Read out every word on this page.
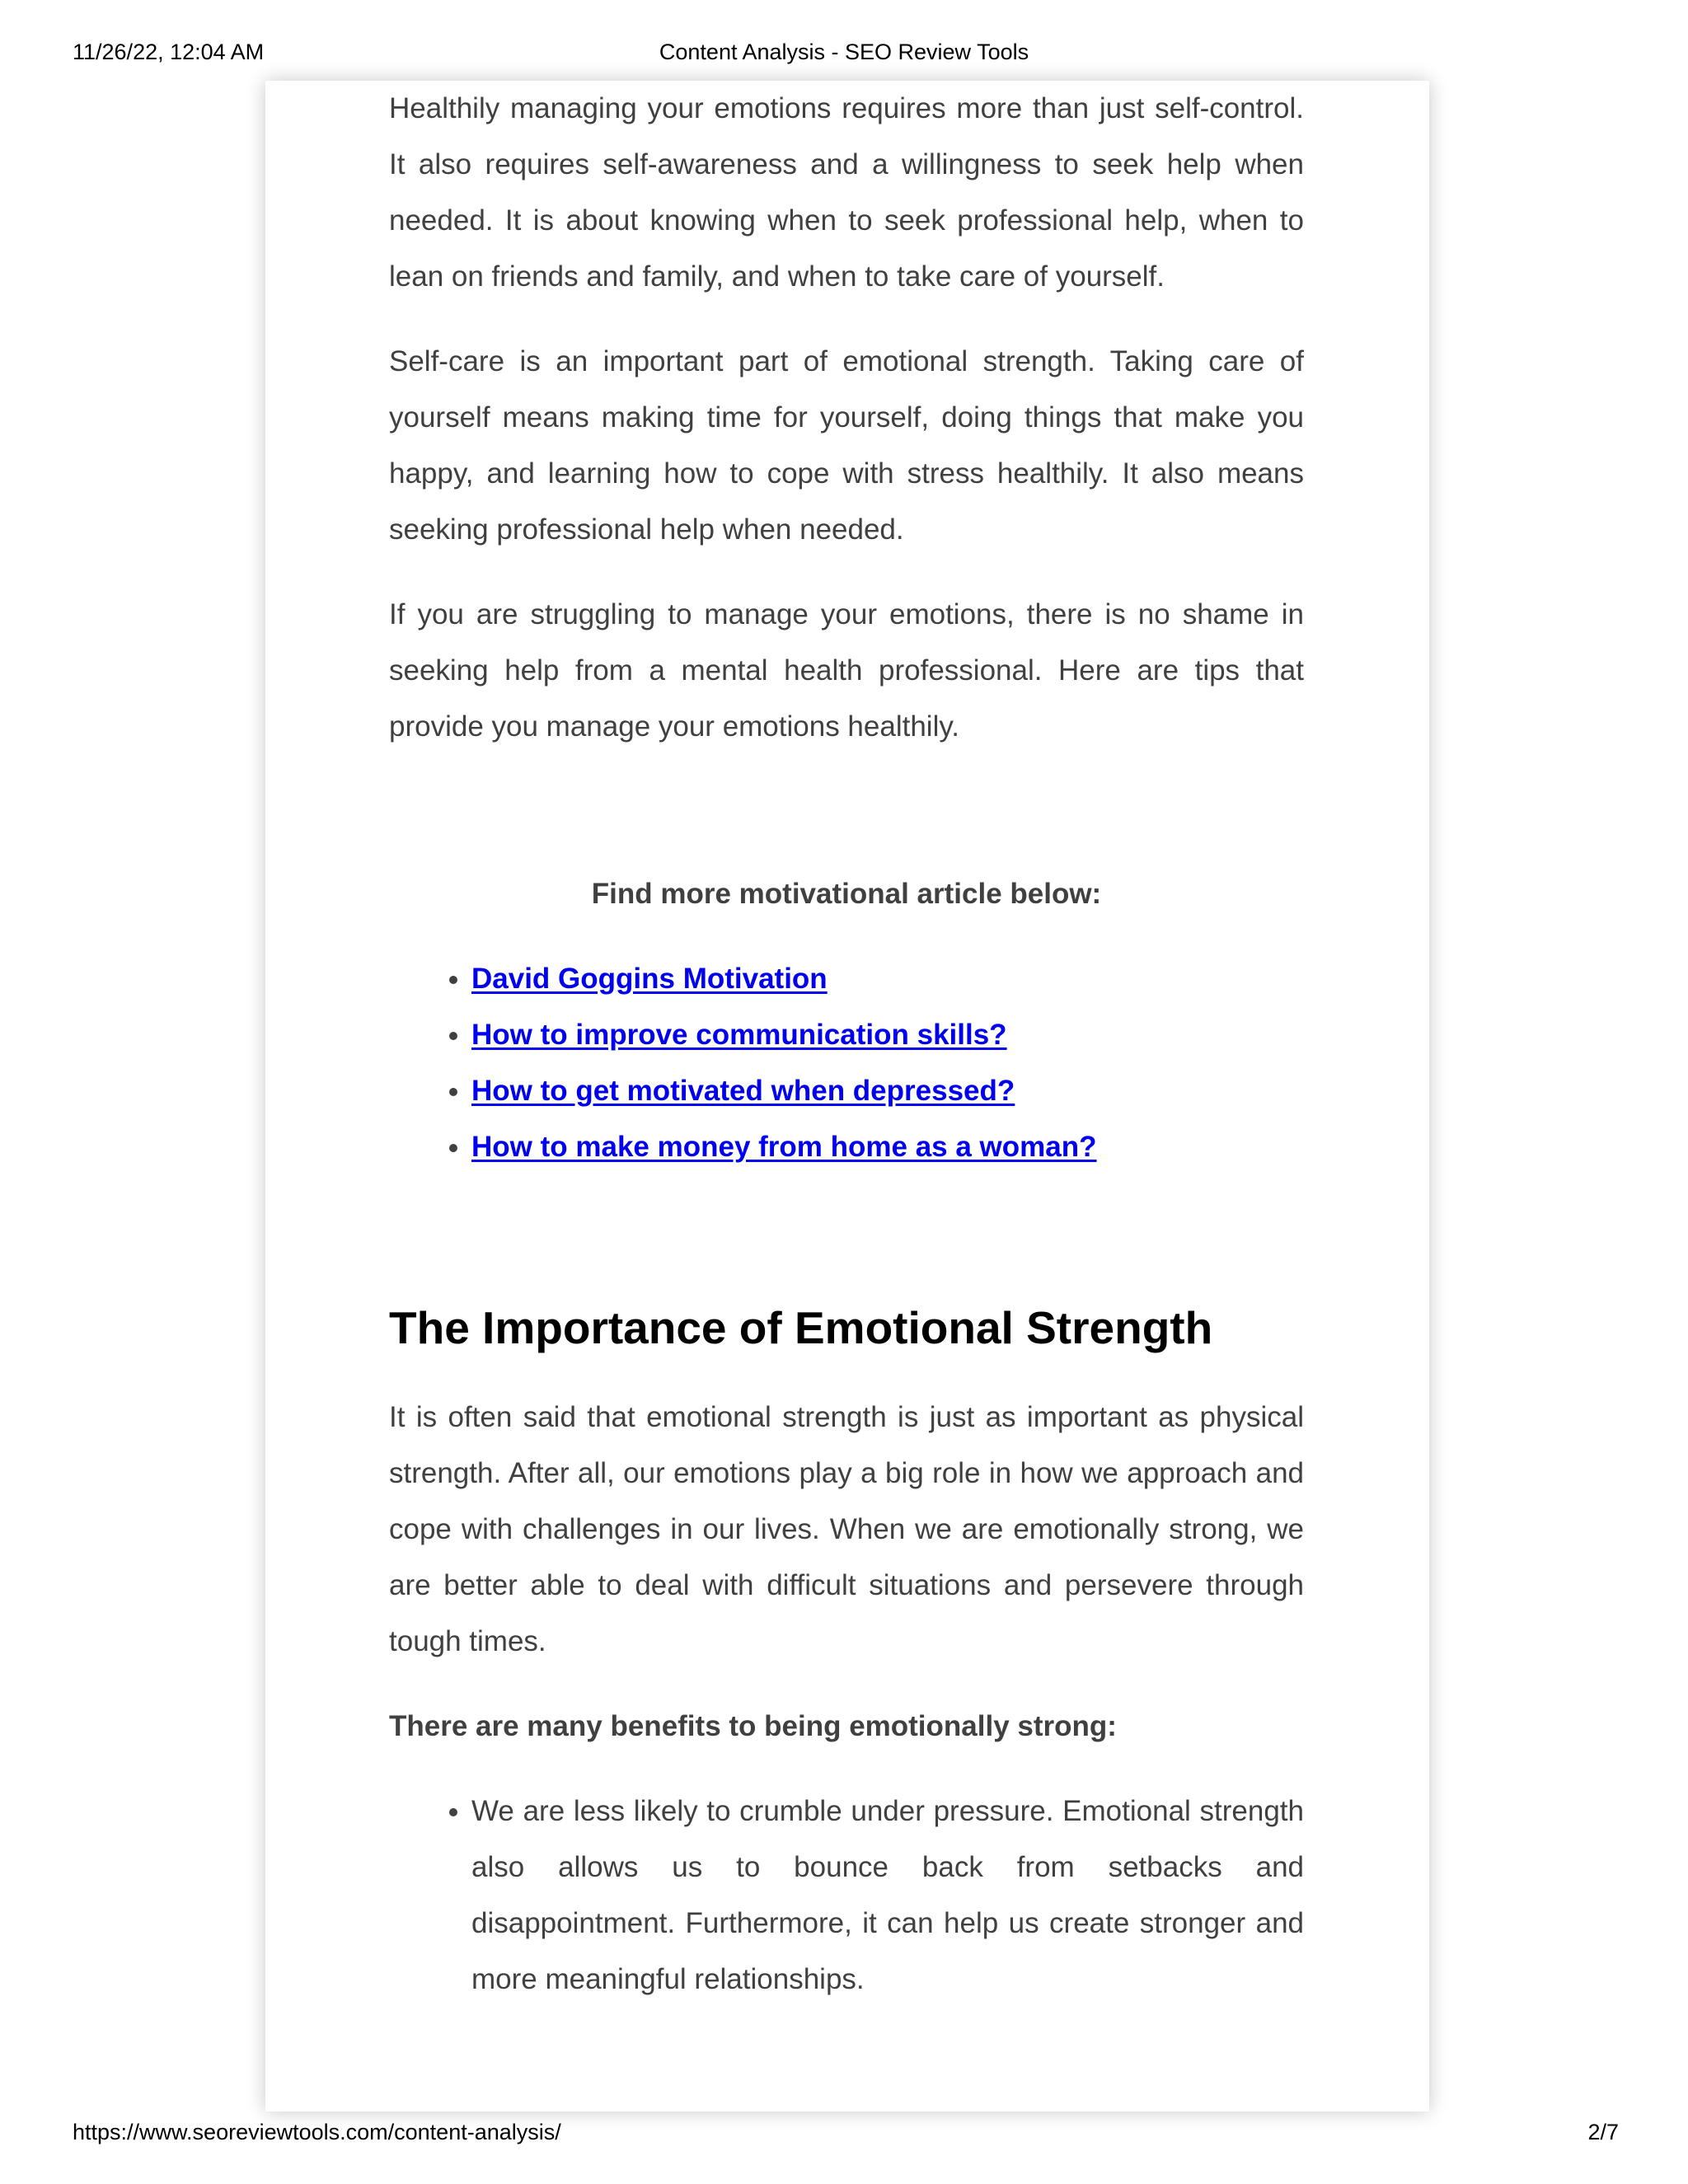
11/26/22, 12:04 AM	Content Analysis - SEO Review Tools

Healthily managing your emotions requires more than just self-control. It also requires self-awareness and a willingness to seek help when needed. It is about knowing when to seek professional help, when to lean on friends and family, and when to take care of yourself.

Self-care is an important part of emotional strength. Taking care of yourself means making time for yourself, doing things that make you happy, and learning how to cope with stress healthily. It also means seeking professional help when needed.

If you are struggling to manage your emotions, there is no shame in seeking help from a mental health professional. Here are tips that provide you manage your emotions healthily.

Find more motivational article below:

• David Goggins Motivation
• How to improve communication skills?
• How to get motivated when depressed?
• How to make money from home as a woman?
The Importance of Emotional Strength

It is often said that emotional strength is just as important as physical strength. After all, our emotions play a big role in how we approach and cope with challenges in our lives. When we are emotionally strong, we are better able to deal with difficult situations and persevere through tough times.

There are many benefits to being emotionally strong:

• We are less likely to crumble under pressure. Emotional strength also allows us to bounce back from setbacks and disappointment. Furthermore, it can help us create stronger and more meaningful relationships.
https://www.seoreviewtools.com/content-analysis/	2/7
